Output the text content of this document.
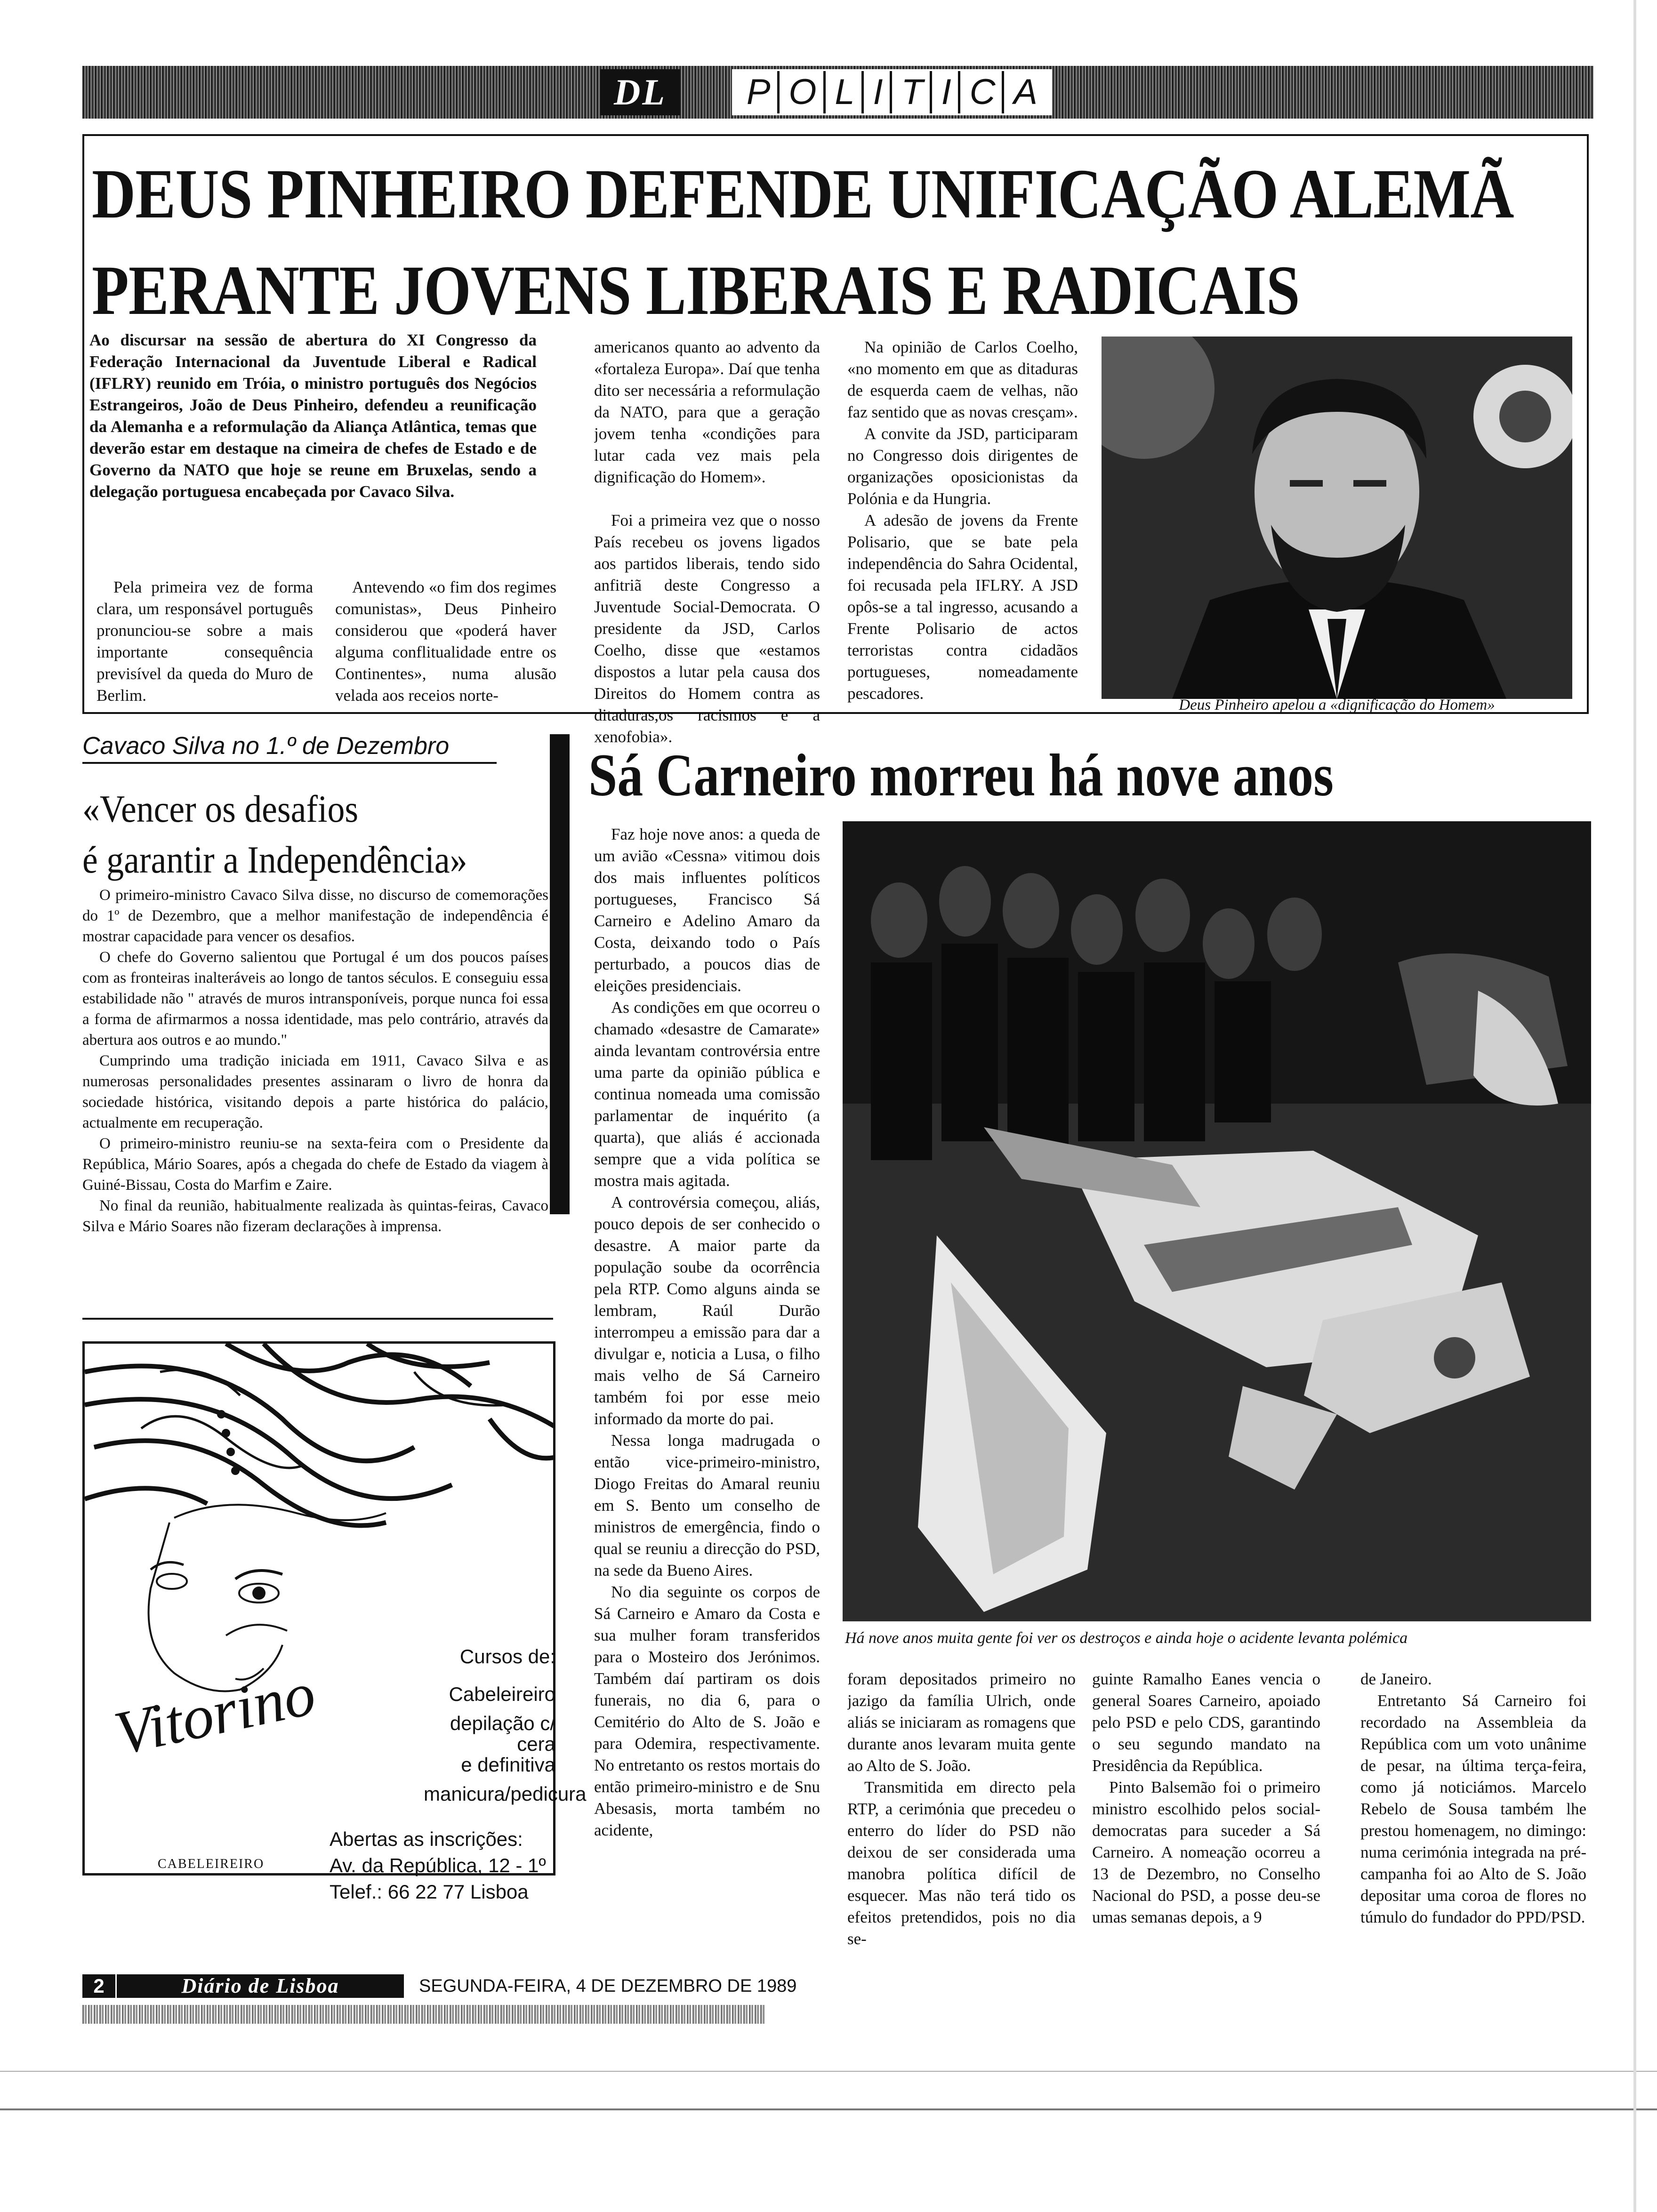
DL	P O L I T I C A
DEUS PINHEIRO DEFENDE UNIFICAÇÃO ALEMÃ
PERANTE JOVENS LIBERAIS E RADICAIS
Ao discursar na sessão de abertura do XI Congresso da Federação Internacional da Juventude Liberal e Radical (IFLRY) reunido em Tróia, o ministro português dos Negócios Estrangeiros, João de Deus Pinheiro, defendeu a reunificação da Alemanha e a reformulação da Aliança Atlântica, temas que deverão estar em destaque na cimeira de chefes de Estado e de Governo da NATO que hoje se reune em Bruxelas, sendo a delegação portuguesa encabeçada por Cavaco Silva.

Pela primeira vez de forma clara, um responsável português pronunciou-se sobre a mais importante consequência previsível da queda do Muro de Berlim.

Antevendo «o fim dos regimes comunistas», Deus Pinheiro considerou que «poderá haver alguma conflitualidade entre os Continentes», numa alusão velada aos receios norte-

americanos quanto ao advento da «fortaleza Europa». Daí que tenha dito ser necessária a reformulação da NATO, para que a geração jovem tenha «condições para lutar cada vez mais pela dignificação do Homem».

Foi a primeira vez que o nosso País recebeu os jovens ligados aos partidos liberais, tendo sido anfitriã deste Congresso a Juventude Social-Democrata. O presidente da JSD, Carlos Coelho, disse que «estamos dispostos a lutar pela causa dos Direitos do Homem contra as ditaduras,os racismos e a xenofobia».

Na opinião de Carlos Coelho, «no momento em que as ditaduras de esquerda caem de velhas, não faz sentido que as novas cresçam».

A convite da JSD, participaram no Congresso dois dirigentes de organizações oposicionistas da Polónia e da Hungria.

A adesão de jovens da Frente Polisario, que se bate pela independência do Sahra Ocidental, foi recusada pela IFLRY. A JSD opôs-se a tal ingresso, acusando a Frente Polisario de actos terroristas contra cidadãos portugueses, nomeadamente pescadores.

Deus Pinheiro apelou a «dignificação do Homem»
Cavaco Silva no 1.º de Dezembro
«Vencer os desafios
é garantir a Independência»

O primeiro-ministro Cavaco Silva disse, no discurso de comemorações do 1º de Dezembro, que a melhor manifestação de independência é mostrar capacidade para vencer os desafios.

O chefe do Governo salientou que Portugal é um dos poucos países com as fronteiras inalteráveis ao longo de tantos séculos. E conseguiu essa estabilidade não " através de muros intransponíveis, porque nunca foi essa a forma de afirmarmos a nossa identidade, mas pelo contrário, através da abertura aos outros e ao mundo."

Cumprindo uma tradição iniciada em 1911, Cavaco Silva e as numerosas personalidades presentes assinaram o livro de honra da sociedade histórica, visitando depois a parte histórica do palácio, actualmente em recuperação.

O primeiro-ministro reuniu-se na sexta-feira com o Presidente da República, Mário Soares, após a chegada do chefe de Estado da viagem à Guiné-Bissau, Costa do Marfim e Zaire.

No final da reunião, habitualmente realizada às quintas-feiras, Cavaco Silva e Mário Soares não fizeram declarações à imprensa.

Cursos de:
Cabeleireiro
depilação c/ cera
e definitiva
manicura/pedicura
Vitorino
CABELEIREIRO
Abertas as inscrições:
Av. da República, 12 - 1º
Telef.: 66 22 77 Lisboa
Sá Carneiro morreu há nove anos

Faz hoje nove anos: a queda de um avião «Cessna» vitimou dois dos mais influentes políticos portugueses, Francisco Sá Carneiro e Adelino Amaro da Costa, deixando todo o País perturbado, a poucos dias de eleições presidenciais.

As condições em que ocorreu o chamado «desastre de Camarate» ainda levantam controvérsia entre uma parte da opinião pública e continua nomeada uma comissão parlamentar de inquérito (a quarta), que aliás é accionada sempre que a vida política se mostra mais agitada.

A controvérsia começou, aliás, pouco depois de ser conhecido o desastre. A maior parte da população soube da ocorrência pela RTP. Como alguns ainda se lembram, Raúl Durão interrompeu a emissão para dar a divulgar e, noticia a Lusa, o filho mais velho de Sá Carneiro também foi por esse meio informado da morte do pai.

Nessa longa madrugada o então vice-primeiro-ministro, Diogo Freitas do Amaral reuniu em S. Bento um conselho de ministros de emergência, findo o qual se reuniu a direcção do PSD, na sede da Bueno Aires.

No dia seguinte os corpos de Sá Carneiro e Amaro da Costa e sua mulher foram transferidos para o Mosteiro dos Jerónimos. Também daí partiram os dois funerais, no dia 6, para o Cemitério do Alto de S. João e para Odemira, respectivamente. No entretanto os restos mortais do então primeiro-ministro e de Snu Abesasis, morta também no acidente,

Há nove anos muita gente foi ver os destroços e ainda hoje o acidente levanta polémica

foram depositados primeiro no jazigo da família Ulrich, onde aliás se iniciaram as romagens que durante anos levaram muita gente ao Alto de S. João.

Transmitida em directo pela RTP, a cerimónia que precedeu o enterro do líder do PSD não deixou de ser considerada uma manobra política difícil de esquecer. Mas não terá tido os efeitos pretendidos, pois no dia se-

guinte Ramalho Eanes vencia o general Soares Carneiro, apoiado pelo PSD e pelo CDS, garantindo o seu segundo mandato na Presidência da República.

Pinto Balsemão foi o primeiro ministro escolhido pelos social-democratas para suceder a Sá Carneiro. A nomeação ocorreu a 13 de Dezembro, no Conselho Nacional do PSD, a posse deu-se umas semanas depois, a 9

de Janeiro.

Entretanto Sá Carneiro foi recordado na Assembleia da República com um voto unânime de pesar, na última terça-feira, como já noticiámos. Marcelo Rebelo de Sousa também lhe prestou homenagem, no dimingo: numa cerimónia integrada na pré-campanha foi ao Alto de S. João depositar uma coroa de flores no túmulo do fundador do PPD/PSD.

2	Diário de Lisboa	SEGUNDA-FEIRA, 4 DE DEZEMBRO DE 1989
